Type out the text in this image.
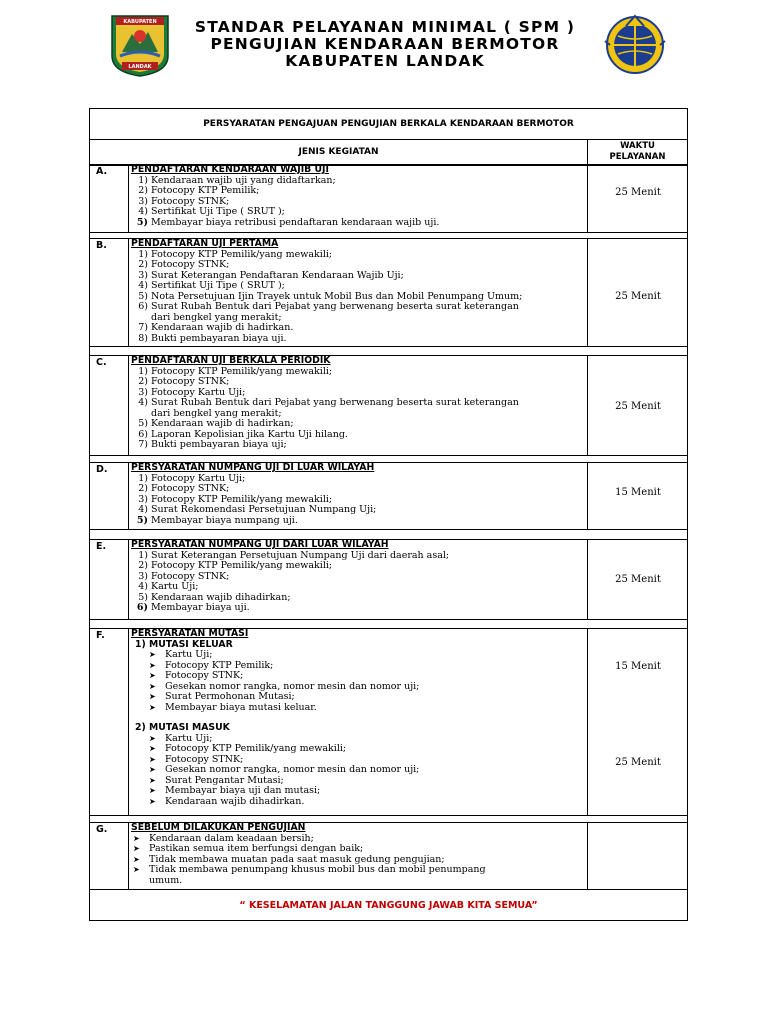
KABUPATEN
LANDAK
STANDAR PELAYANAN MINIMAL ( SPM )
PENGUJIAN KENDARAAN BERMOTOR
KABUPATEN LANDAK
PERSYARATAN PENGAJUAN PENGUJIAN BERKALA KENDARAAN BERMOTOR
JENIS KEGIATAN
WAKTU
PELAYANAN
A.	PENDAFTARAN KENDARAAN WAJIB UJI
1) Kendaraan wajib uji yang didaftarkan;
2) Fotocopy KTP Pemilik;
3) Fotocopy STNK;
4) Sertifikat Uji Tipe ( SRUT );
5) Membayar biaya retribusi pendaftaran kendaraan wajib uji.
25 Menit
B.	PENDAFTARAN UJI PERTAMA
1) Fotocopy KTP Pemilik/yang mewakili;
2) Fotocopy STNK;
3) Surat Keterangan Pendaftaran Kendaraan Wajib Uji;
4) Sertifikat Uji Tipe ( SRUT );
5) Nota Persetujuan Ijin Trayek untuk Mobil Bus dan Mobil Penumpang Umum;
6) Surat Rubah Bentuk dari Pejabat yang berwenang beserta surat keterangan
dari bengkel yang merakit;
7) Kendaraan wajib di hadirkan.
8) Bukti pembayaran biaya uji.
25 Menit
C.	PENDAFTARAN UJI BERKALA PERIODIK
1) Fotocopy KTP Pemilik/yang mewakili;
2) Fotocopy STNK;
3) Fotocopy Kartu Uji;
4) Surat Rubah Bentuk dari Pejabat yang berwenang beserta surat keterangan
dari bengkel yang merakit;
5) Kendaraan wajib di hadirkan;
6) Laporan Kepolisian jika Kartu Uji hilang.
7) Bukti pembayaran biaya uji;
25 Menit
D.	PERSYARATAN NUMPANG UJI DI LUAR WILAYAH
1) Fotocopy Kartu Uji;
2) Fotocopy STNK;
3) Fotocopy KTP Pemilik/yang mewakili;
4) Surat Rekomendasi Persetujuan Numpang Uji;
5) Membayar biaya numpang uji.
15 Menit
E.	PERSYARATAN NUMPANG UJI DARI LUAR WILAYAH
1) Surat Keterangan Persetujuan Numpang Uji dari daerah asal;
2) Fotocopy KTP Pemilik/yang mewakili;
3) Fotocopy STNK;
4) Kartu Uji;
5) Kendaraan wajib dihadirkan;
6) Membayar biaya uji.
25 Menit
F.	PERSYARATAN MUTASI
1) MUTASI KELUAR
➤ Kartu Uji;
➤ Fotocopy KTP Pemilik;
➤ Fotocopy STNK;
➤ Gesekan nomor rangka, nomor mesin dan nomor uji;
➤ Surat Permohonan Mutasi;
➤ Membayar biaya mutasi keluar.
2) MUTASI MASUK
➤ Kartu Uji;
➤ Fotocopy KTP Pemilik/yang mewakili;
➤ Fotocopy STNK;
➤ Gesekan nomor rangka, nomor mesin dan nomor uji;
➤ Surat Pengantar Mutasi;
➤ Membayar biaya uji dan mutasi;
➤ Kendaraan wajib dihadirkan.
15 Menit
25 Menit
G.	SEBELUM DILAKUKAN PENGUJIAN
➤ Kendaraan dalam keadaan bersih;
➤ Pastikan semua item berfungsi dengan baik;
➤ Tidak membawa muatan pada saat masuk gedung pengujian;
➤ Tidak membawa penumpang khusus mobil bus dan mobil penumpang
umum.
“ KESELAMATAN JALAN TANGGUNG JAWAB KITA SEMUA”
